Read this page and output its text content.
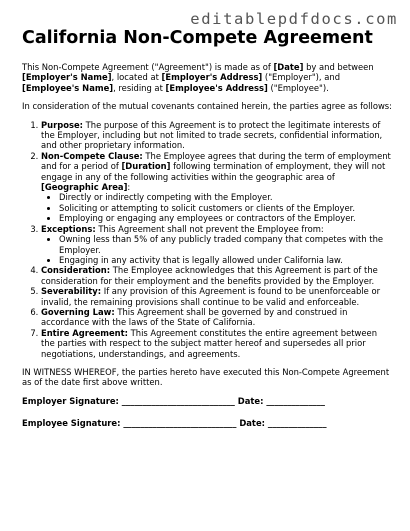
editablepdfdocs.com
California Non-Compete Agreement

This Non-Compete Agreement ("Agreement") is made as of [Date] by and between [Employer's Name], located at [Employer's Address] ("Employer"), and [Employee's Name], residing at [Employee's Address] ("Employee").

In consideration of the mutual covenants contained herein, the parties agree as follows:

1. Purpose: The purpose of this Agreement is to protect the legitimate interests of the Employer, including but not limited to trade secrets, confidential information, and other proprietary information.
2. Non-Compete Clause: The Employee agrees that during the term of employment and for a period of [Duration] following termination of employment, they will not engage in any of the following activities within the geographic area of [Geographic Area]:
• Directly or indirectly competing with the Employer.
• Soliciting or attempting to solicit customers or clients of the Employer.
• Employing or engaging any employees or contractors of the Employer.
3. Exceptions: This Agreement shall not prevent the Employee from:
• Owning less than 5% of any publicly traded company that competes with the Employer.
• Engaging in any activity that is legally allowed under California law.
4. Consideration: The Employee acknowledges that this Agreement is part of the consideration for their employment and the benefits provided by the Employer.
5. Severability: If any provision of this Agreement is found to be unenforceable or invalid, the remaining provisions shall continue to be valid and enforceable.
6. Governing Law: This Agreement shall be governed by and construed in accordance with the laws of the State of California.
7. Entire Agreement: This Agreement constitutes the entire agreement between the parties with respect to the subject matter hereof and supersedes all prior negotiations, understandings, and agreements.

IN WITNESS WHEREOF, the parties hereto have executed this Non-Compete Agreement as of the date first above written.

Employer Signature: ___________________________ Date: ______________
Employee Signature: ___________________________ Date: ______________
